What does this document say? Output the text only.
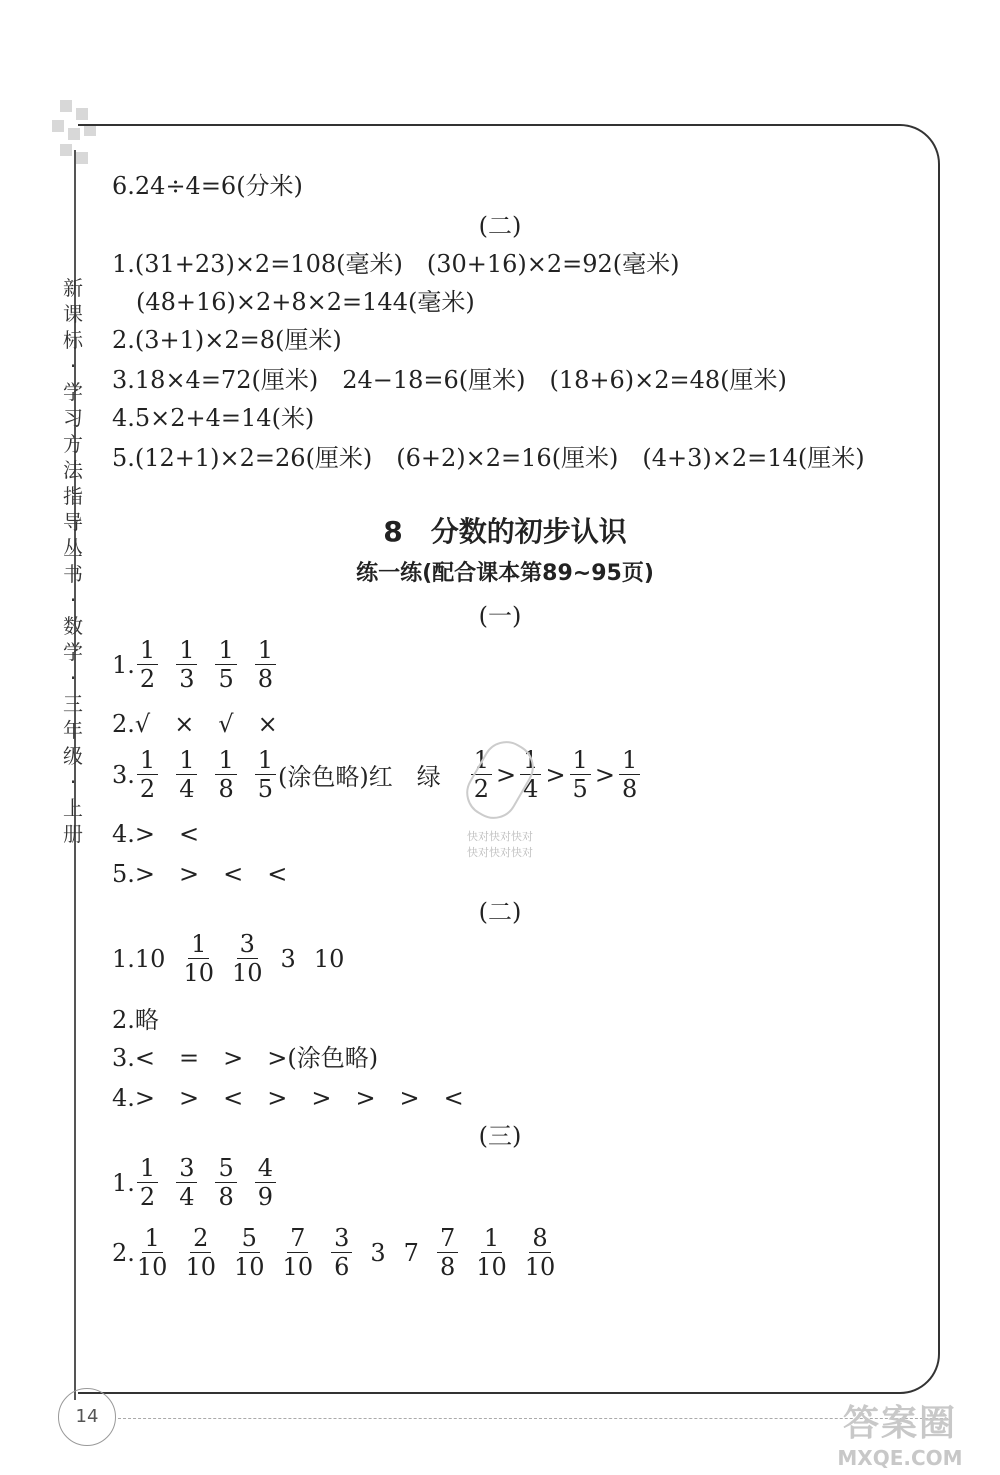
新
课
标
·
学
习
方
法
指
导
丛
书
·
数
学
·
三
年
级
·
上
册
6.24÷4=6(分米)
(二)
1.(31+23)×2=108(毫米)　(30+16)×2=92(毫米)
　(48+16)×2+8×2=144(毫米)
2.(3+1)×2=8(厘米)
3.18×4=72(厘米)　24−18=6(厘米)　(18+6)×2=48(厘米)
4.5×2+4=14(米)
5.(12+1)×2=26(厘米)　(6+2)×2=16(厘米)　(4+3)×2=14(厘米)
8　分数的初步认识
练一练(配合课本第89~95页)
(一)
1. $\frac{1}{2} \frac{1}{3} \frac{1}{5} \frac{1}{8}$
2.√　×　√　×
3. $\frac{1}{2} \frac{1}{4} \frac{1}{8} \frac{1}{5}$ (涂色略)红　绿 $\frac{1}{2} > \frac{1}{4} > \frac{1}{5} > \frac{1}{8}$
4.>　<
5.>　>　<　<
(二)
$1.10 \frac{1}{10} \frac{3}{10} 3$ 10
2.略
3.<　=　>　>(涂色略)
4.>　>　<　>　>　>　>　<
(三)
1. $\frac{1}{2} \frac{3}{4} \frac{5}{8} \frac{4}{9}$
2. $\frac{1}{10} \frac{2}{10} \frac{5}{10} \frac{7}{10} \frac{3}{6} 3$ $7 \frac{7}{8} \frac{1}{10} \frac{8}{10}$
快对快对快对
快对快对快对
14	答案圈
MXQE.COM
